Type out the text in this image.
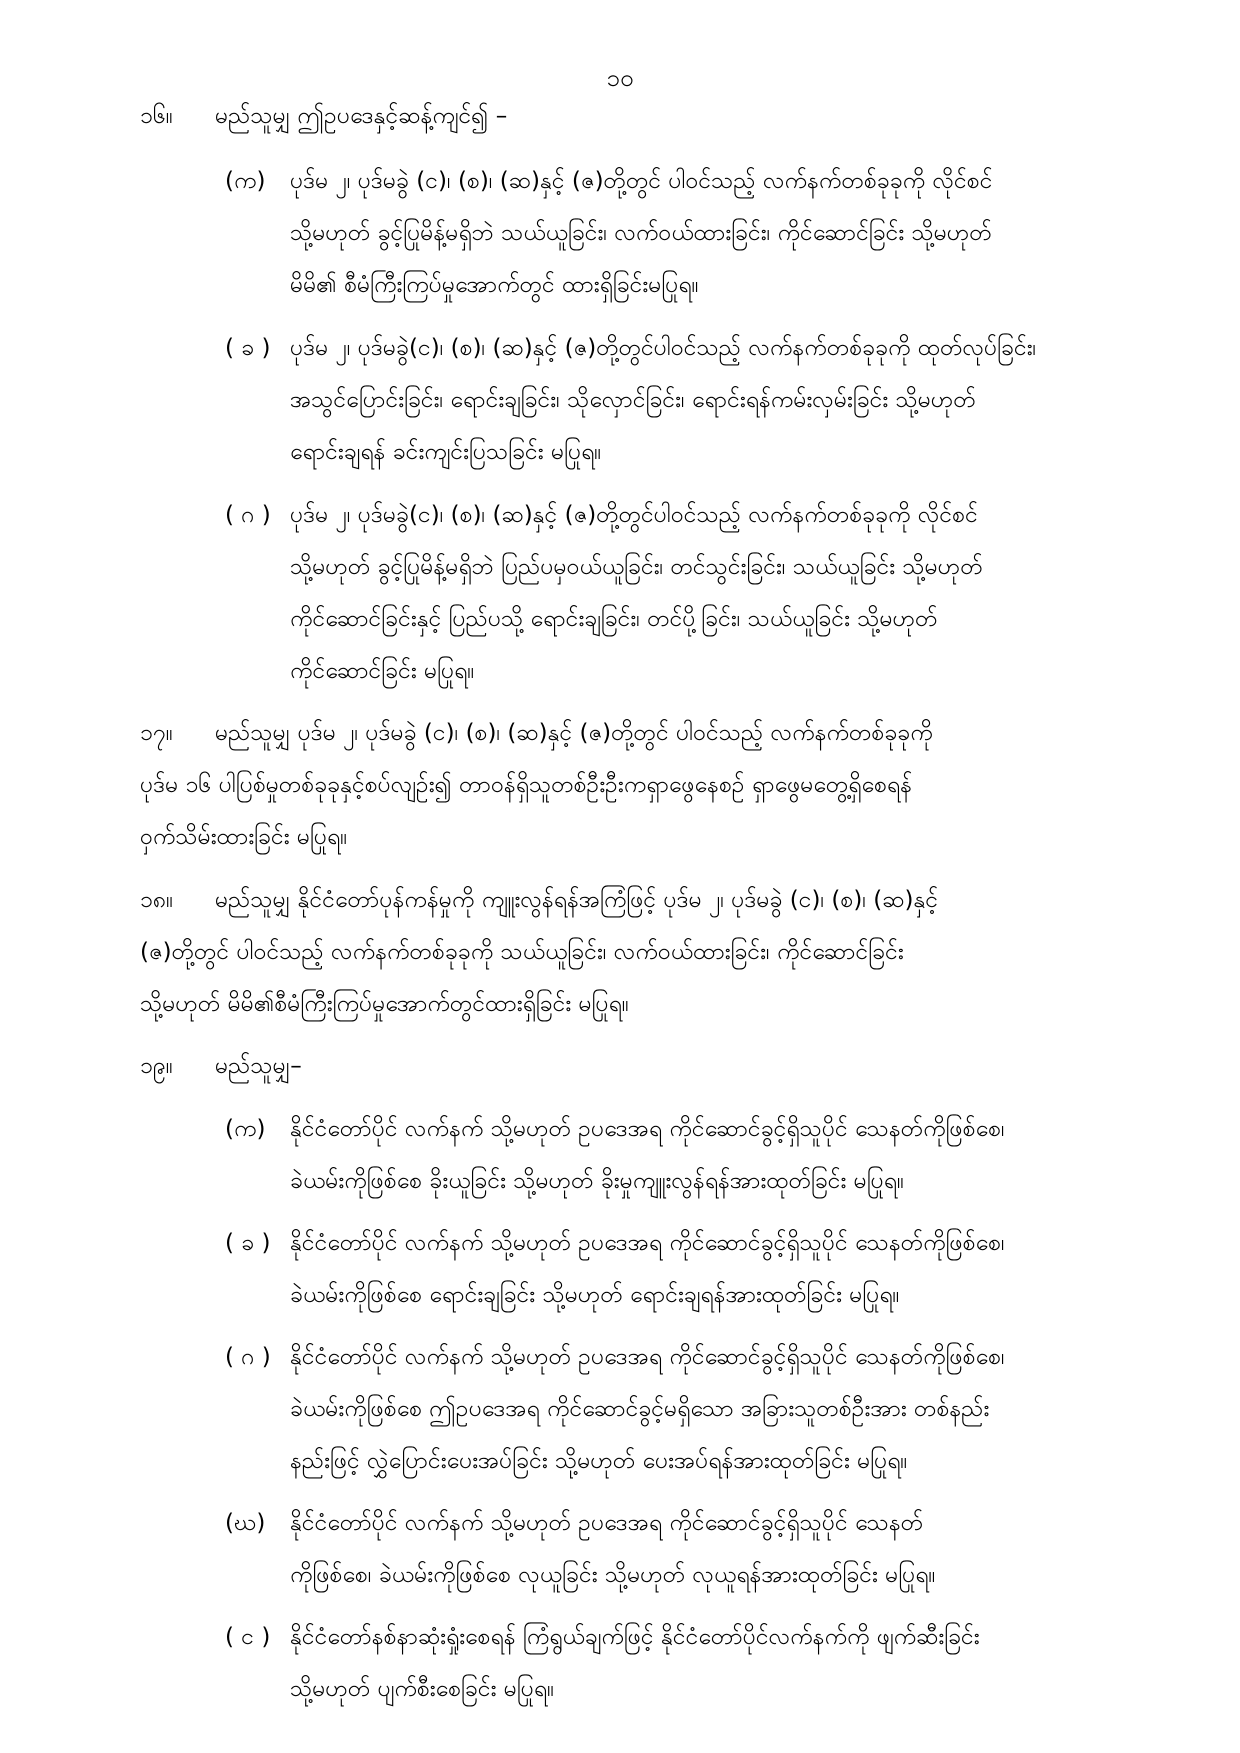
၁၀
၁၆။ မည်သူမျှ ဤဥပဒေနှင့်ဆန့်ကျင်၍ –
(က) ပုဒ်မ ၂၊ ပုဒ်မခွဲ (င)၊ (စ)၊ (ဆ)နှင့် (ဇ)တို့တွင် ပါဝင်သည့် လက်နက်တစ်ခုခုကို လိုင်စင်
သို့မဟုတ် ခွင့်ပြုမိန့်မရှိဘဲ သယ်ယူခြင်း၊ လက်ဝယ်ထားခြင်း၊ ကိုင်ဆောင်ခြင်း သို့မဟုတ်
မိမိ၏ စီမံကြီးကြပ်မှုအောက်တွင် ထားရှိခြင်းမပြုရ။
( ခ ) ပုဒ်မ ၂၊ ပုဒ်မခွဲ(င)၊ (စ)၊ (ဆ)နှင့် (ဇ)တို့တွင်ပါဝင်သည့် လက်နက်တစ်ခုခုကို ထုတ်လုပ်ခြင်း၊
အသွင်ပြောင်းခြင်း၊ ရောင်းချခြင်း၊ သိုလှောင်ခြင်း၊ ရောင်းရန်ကမ်းလှမ်းခြင်း သို့မဟုတ်
ရောင်းချရန် ခင်းကျင်းပြသခြင်း မပြုရ။
( ဂ ) ပုဒ်မ ၂၊ ပုဒ်မခွဲ(င)၊ (စ)၊ (ဆ)နှင့် (ဇ)တို့တွင်ပါဝင်သည့် လက်နက်တစ်ခုခုကို လိုင်စင်
သို့မဟုတ် ခွင့်ပြုမိန့်မရှိဘဲ ပြည်ပမှ‌ဝယ်ယူခြင်း၊ တင်သွင်းခြင်း၊ သယ်ယူခြင်း သို့မဟုတ်
ကိုင်ဆောင်ခြင်းနှင့် ပြည်ပသို့ ရောင်းချခြင်း၊ တင်ပို့ခြင်း၊ သယ်ယူခြင်း သို့မဟုတ်
ကိုင်ဆောင်ခြင်း မပြုရ။
၁၇။ မည်သူမျှ ပုဒ်မ ၂၊ ပုဒ်မခွဲ (င)၊ (စ)၊ (ဆ)နှင့် (ဇ)တို့တွင် ပါဝင်သည့် လက်နက်တစ်ခုခုကို
ပုဒ်မ ၁၆ ပါပြစ်မှုတစ်ခုခုနှင့်စပ်လျဉ်း၍ တာဝန်ရှိသူတစ်ဦးဦးကရှာဖွေနေစဉ် ရှာဖွေမတွေ့ရှိစေရန်
ဝှက်သိမ်းထားခြင်း မပြုရ။
၁၈။ မည်သူမျှ နိုင်ငံတော်ပုန်ကန်မှုကို ကျူးလွန်ရန်အကြံဖြင့် ပုဒ်မ ၂၊ ပုဒ်မခွဲ (င)၊ (စ)၊ (ဆ)နှင့်
(ဇ)တို့တွင် ပါဝင်သည့် လက်နက်တစ်ခုခုကို သယ်ယူခြင်း၊ လက်ဝယ်ထားခြင်း၊ ကိုင်ဆောင်ခြင်း
သို့မဟုတ် မိမိ၏စီမံကြီးကြပ်မှုအောက်တွင်ထားရှိခြင်း မပြုရ။
၁၉။ မည်သူမျှ–
(က) နိုင်ငံတော်ပိုင် လက်နက် သို့မဟုတ် ဥပဒေအရ ကိုင်ဆောင်ခွင့်ရှိသူပိုင် သေနတ်ကိုဖြစ်စေ၊
ခဲယမ်းကိုဖြစ်စေ ခိုးယူခြင်း သို့မဟုတ် ခိုးမှုကျူးလွန်ရန်အားထုတ်ခြင်း မပြုရ။
( ခ ) နိုင်ငံတော်ပိုင် လက်နက် သို့မဟုတ် ဥပဒေအရ ကိုင်ဆောင်ခွင့်ရှိသူပိုင် သေနတ်ကိုဖြစ်စေ၊
ခဲယမ်းကိုဖြစ်စေ ရောင်းချခြင်း သို့မဟုတ် ရောင်းချရန်အားထုတ်ခြင်း မပြုရ။
( ဂ ) နိုင်ငံတော်ပိုင် လက်နက် သို့မဟုတ် ဥပဒေအရ ကိုင်ဆောင်ခွင့်ရှိသူပိုင် သေနတ်ကိုဖြစ်စေ၊
ခဲယမ်းကိုဖြစ်စေ ဤဥပဒေအရ ကိုင်ဆောင်ခွင့်မရှိသော အခြားသူတစ်ဦးအား တစ်နည်း
နည်းဖြင့် လွှဲပြောင်းပေးအပ်ခြင်း သို့မဟုတ် ပေးအပ်ရန်အားထုတ်ခြင်း မပြုရ။
(ဃ) နိုင်ငံတော်ပိုင် လက်နက် သို့မဟုတ် ဥပဒေအရ ကိုင်ဆောင်ခွင့်ရှိသူပိုင် သေနတ်
ကိုဖြစ်စေ၊ ခဲယမ်းကိုဖြစ်စေ လုယူခြင်း သို့မဟုတ် လုယူရန်အားထုတ်ခြင်း မပြုရ။
( င ) နိုင်ငံတော်နစ်နာဆုံးရှုံးစေရန် ကြံရွယ်ချက်ဖြင့် နိုင်ငံတော်ပိုင်လက်နက်ကို ဖျက်ဆီးခြင်း
သို့မဟုတ် ပျက်စီးစေခြင်း မပြုရ။
